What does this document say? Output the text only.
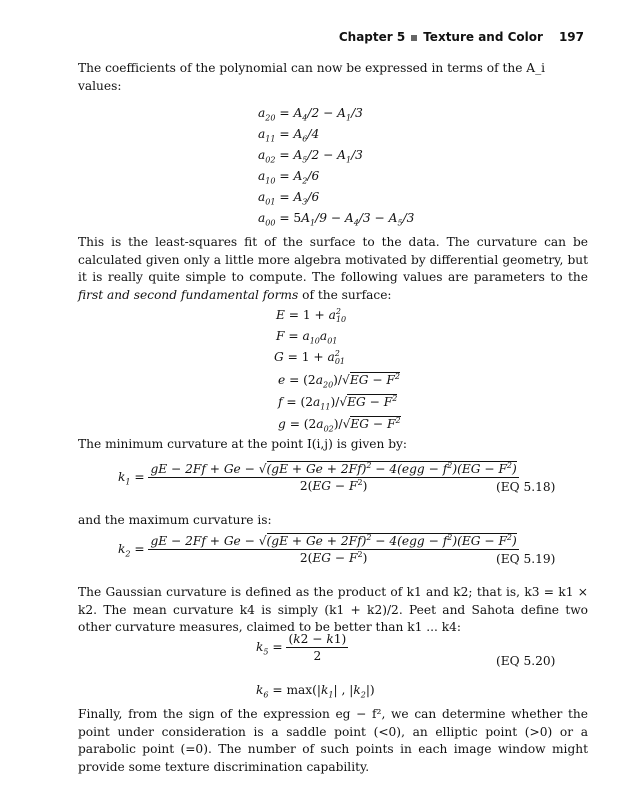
Chapter 5 Texture and Color 197
The coefficients of the polynomial can now be expressed in terms of the A_i values:
$a_{20} = A_4/2 - A_1/3$
$a_{11} = A_6/4$
$a_{02} = A_5/2 - A_1/3$
$a_{10} = A_2/6$
$a_{01} = A_3/6$
$a_{00} = 5A_1/9 - A_4/3 - A_5/3$
This is the least-squares fit of the surface to the data. The curvature can be calculated given only a little more algebra motivated by differential geometry, but it is really quite simple to compute. The following values are parameters to the first and second fundamental forms of the surface:
$E = 1 + a^2_{10}$
$F = a_{10}a_{01}$
$G = 1 + a^2_{01}$
$e = (2a_{20})/√EG - F^2$
$f = (2a_{11})/√EG - F^2$
$g = (2a_{02})/√EG - F^2$
The minimum curvature at the point I(i,j) is given by:
$k_1 = \frac{gE - 2Ff + Ge - √(gE + Ge + 2Ff)^2 - 4(egg - f^2)(EG - F^2)}{2(EG - F^2)}$
(EQ 5.18)
and the maximum curvature is:
$k_2 = \frac{gE - 2Ff + Ge - √(gE + Ge + 2Ff)^2 - 4(egg - f^2)(EG - F^2)}{2(EG - F^2)}$
(EQ 5.19)
The Gaussian curvature is defined as the product of k1 and k2; that is, k3 = k1 × k2. The mean curvature k4 is simply (k1 + k2)/2. Peet and Sahota define two other curvature measures, claimed to be better than k1 ... k4:
$k_5 = \frac{(k2 - k1)}{2}$	(EQ 5.20)
$k_6 = \max(|k_1|$ , $|k_2|$)
Finally, from the sign of the expression eg − f², we can determine whether the point under consideration is a saddle point (<0), an elliptic point (>0) or a parabolic point (=0). The number of such points in each image window might provide some texture discrimination capability.
